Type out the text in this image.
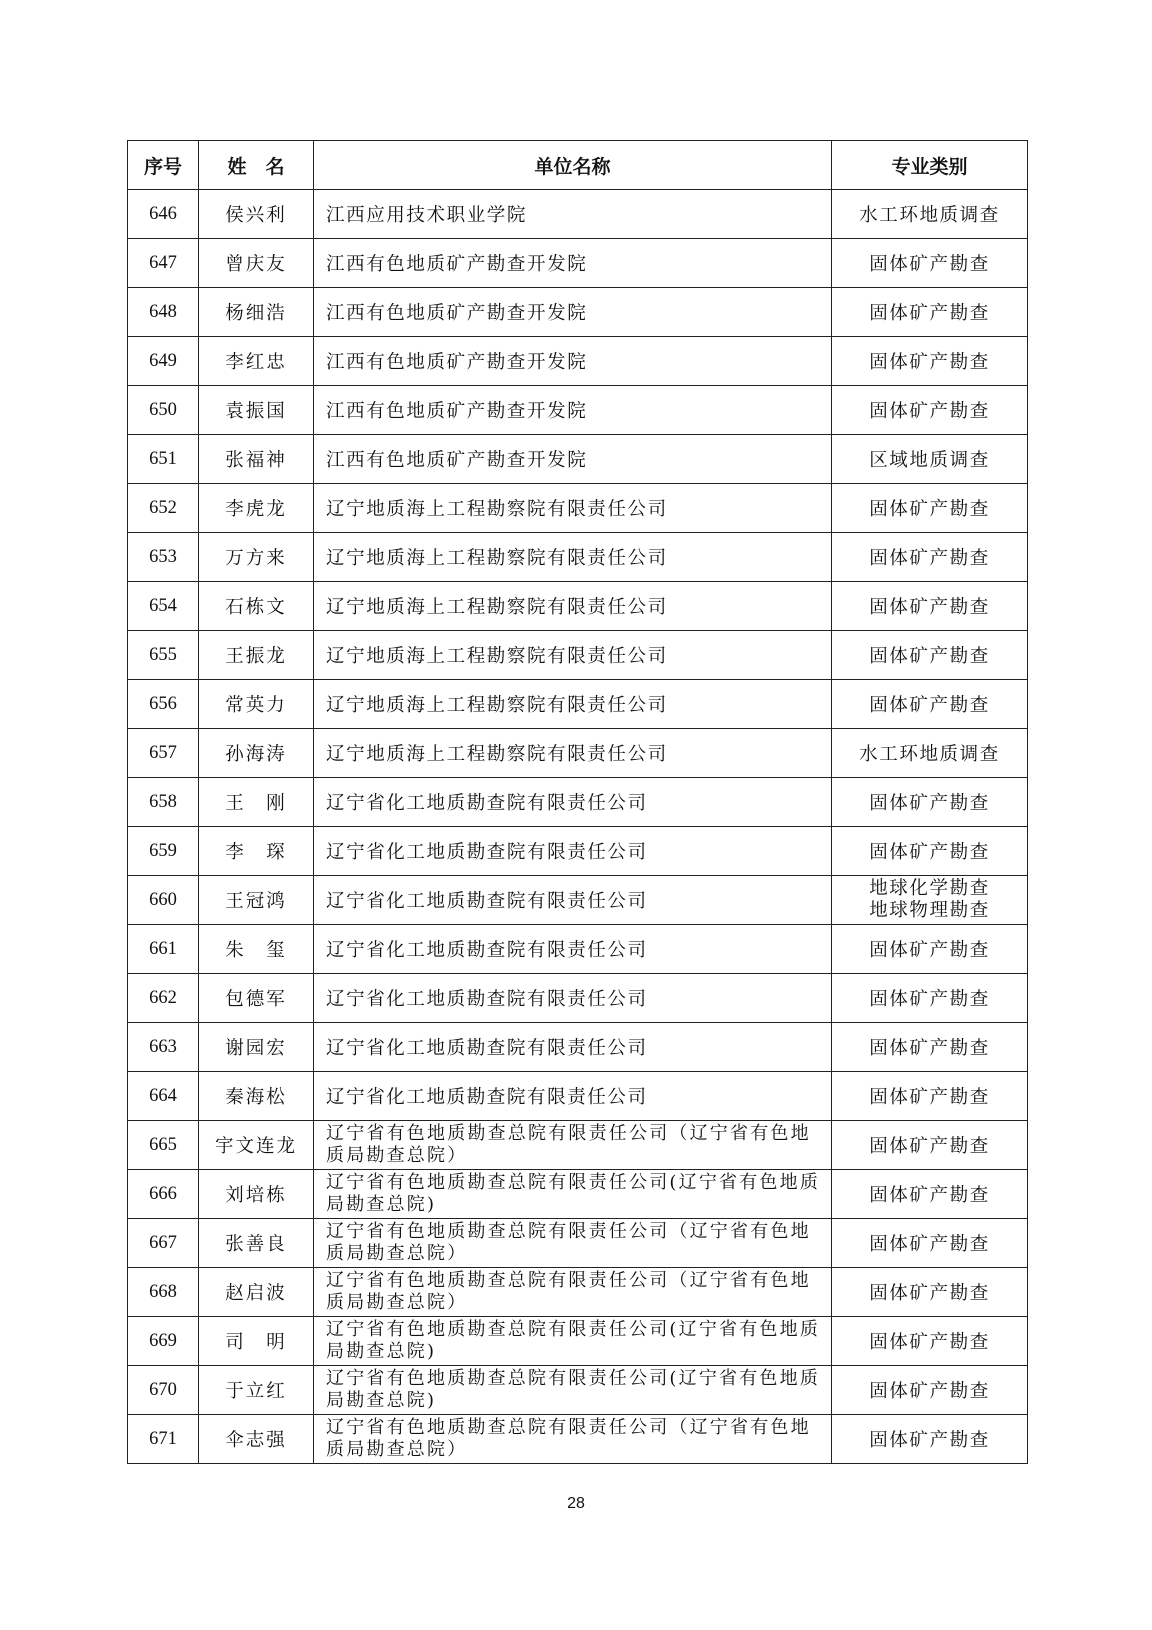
序号	姓　名	单位名称	专业类别
646	侯兴利	江西应用技术职业学院	水工环地质调查
647	曾庆友	江西有色地质矿产勘查开发院	固体矿产勘查
648	杨细浩	江西有色地质矿产勘查开发院	固体矿产勘查
649	李红忠	江西有色地质矿产勘查开发院	固体矿产勘查
650	袁振国	江西有色地质矿产勘查开发院	固体矿产勘查
651	张福神	江西有色地质矿产勘查开发院	区域地质调查
652	李虎龙	辽宁地质海上工程勘察院有限责任公司	固体矿产勘查
653	万方来	辽宁地质海上工程勘察院有限责任公司	固体矿产勘查
654	石栋文	辽宁地质海上工程勘察院有限责任公司	固体矿产勘查
655	王振龙	辽宁地质海上工程勘察院有限责任公司	固体矿产勘查
656	常英力	辽宁地质海上工程勘察院有限责任公司	固体矿产勘查
657	孙海涛	辽宁地质海上工程勘察院有限责任公司	水工环地质调查
658	王　刚	辽宁省化工地质勘查院有限责任公司	固体矿产勘查
659	李　琛	辽宁省化工地质勘查院有限责任公司	固体矿产勘查
660	王冠鸿	辽宁省化工地质勘查院有限责任公司	地球化学勘查
地球物理勘查

661	朱　玺	辽宁省化工地质勘查院有限责任公司	固体矿产勘查
662	包德军	辽宁省化工地质勘查院有限责任公司	固体矿产勘查
663	谢园宏	辽宁省化工地质勘查院有限责任公司	固体矿产勘查
664	秦海松	辽宁省化工地质勘查院有限责任公司	固体矿产勘查
665	宇文连龙	辽宁省有色地质勘查总院有限责任公司（辽宁省有色地质局勘查总院）	固体矿产勘查
666	刘培栋	辽宁省有色地质勘查总院有限责任公司(辽宁省有色地质局勘查总院)	固体矿产勘查
667	张善良	辽宁省有色地质勘查总院有限责任公司（辽宁省有色地质局勘查总院）	固体矿产勘查
668	赵启波	辽宁省有色地质勘查总院有限责任公司（辽宁省有色地质局勘查总院）	固体矿产勘查
669	司　明	辽宁省有色地质勘查总院有限责任公司(辽宁省有色地质局勘查总院)	固体矿产勘查
670	于立红	辽宁省有色地质勘查总院有限责任公司(辽宁省有色地质局勘查总院)	固体矿产勘查
671	伞志强	辽宁省有色地质勘查总院有限责任公司（辽宁省有色地质局勘查总院）	固体矿产勘查
28
